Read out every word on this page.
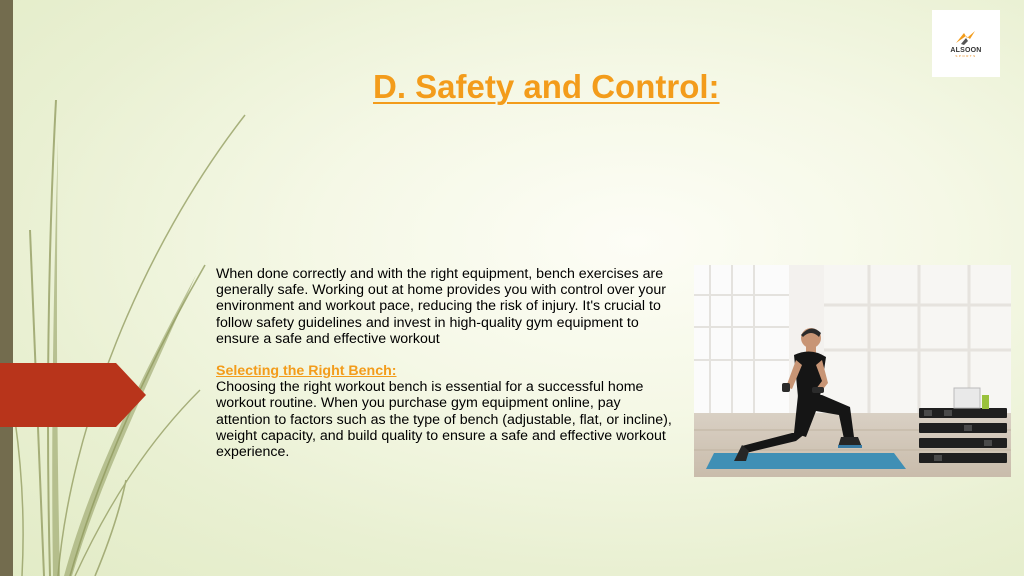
ALSOON
SPORTS
D. Safety and Control:

When done correctly and with the right equipment, bench exercises are generally safe. Working out at home provides you with control over your environment and workout pace, reducing the risk of injury. It's crucial to follow safety guidelines and invest in high-quality gym equipment to ensure a safe and effective workout

Selecting the Right Bench:

Choosing the right workout bench is essential for a successful home workout routine. When you purchase gym equipment online, pay attention to factors such as the type of bench (adjustable, flat, or incline), weight capacity, and build quality to ensure a safe and effective workout experience.
